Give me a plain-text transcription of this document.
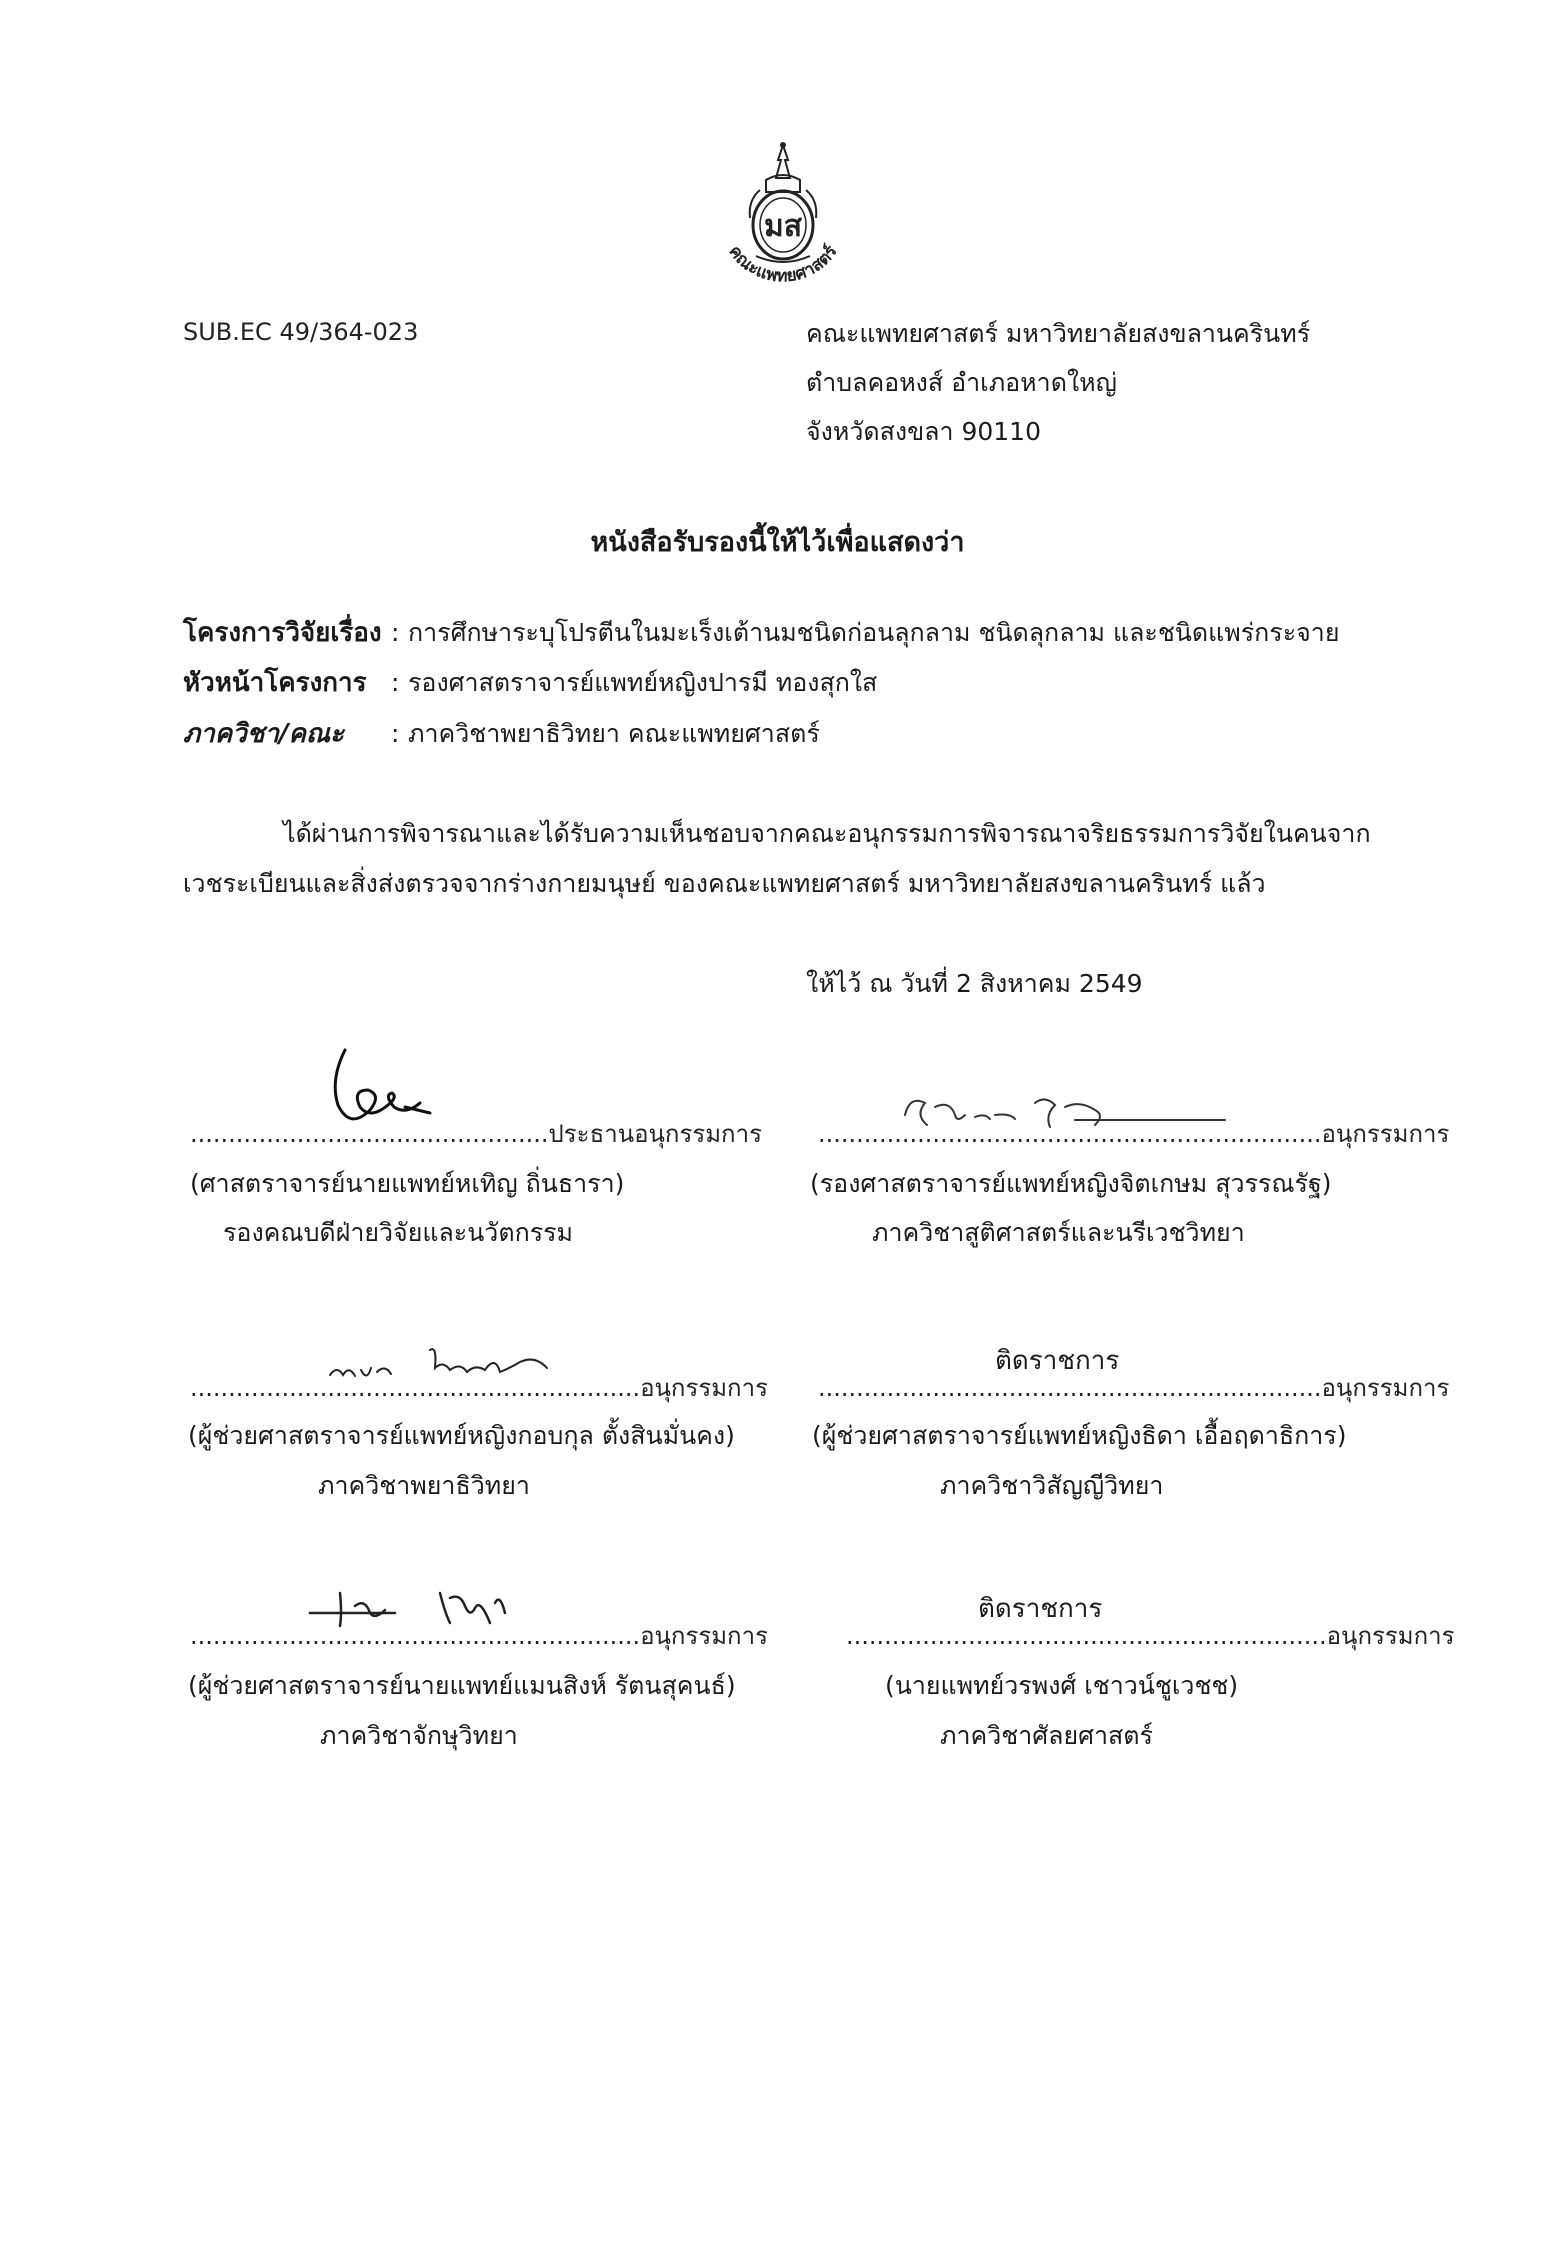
มส
คณะแพทยศาสตร์
SUB.EC 49/364-023	คณะแพทยศาสตร์ มหาวิทยาลัยสงขลานครินทร์
ตำบลคอหงส์ อำเภอหาดใหญ่
จังหวัดสงขลา 90110
หนังสือรับรองนี้ให้ไว้เพื่อแสดงว่า
โครงการวิจัยเรื่อง : การศึกษาระบุโปรตีนในมะเร็งเต้านมชนิดก่อนลุกลาม ชนิดลุกลาม และชนิดแพร่กระจาย
หัวหน้าโครงการ : รองศาสตราจารย์แพทย์หญิงปารมี ทองสุกใส
ภาควิชา/คณะ : ภาควิชาพยาธิวิทยา คณะแพทยศาสตร์
ได้ผ่านการพิจารณาและได้รับความเห็นชอบจากคณะอนุกรรมการพิจารณาจริยธรรมการวิจัยในคนจาก
เวชระเบียนและสิ่งส่งตรวจจากร่างกายมนุษย์ ของคณะแพทยศาสตร์ มหาวิทยาลัยสงขลานครินทร์ แล้ว
ให้ไว้ ณ วันที่ 2 สิงหาคม 2549
...............................................ประธานอนุกรรมการ
(ศาสตราจารย์นายแพทย์หเทิญ ถิ่นธารา)
รองคณบดีฝ่ายวิจัยและนวัตกรรม
..................................................................อนุกรรมการ
(รองศาสตราจารย์แพทย์หญิงจิตเกษม สุวรรณรัฐ)
ภาควิชาสูติศาสตร์และนรีเวชวิทยา
...........................................................อนุกรรมการ
(ผู้ช่วยศาสตราจารย์แพทย์หญิงกอบกุล ตั้งสินมั่นคง)
ภาควิชาพยาธิวิทยา
ติดราชการ
..................................................................อนุกรรมการ
(ผู้ช่วยศาสตราจารย์แพทย์หญิงธิดา เอื้อฤดาธิการ)
ภาควิชาวิสัญญีวิทยา
...........................................................อนุกรรมการ
(ผู้ช่วยศาสตราจารย์นายแพทย์แมนสิงห์ รัตนสุคนธ์)
ภาควิชาจักษุวิทยา
ติดราชการ
...............................................................อนุกรรมการ
(นายแพทย์วรพงศ์ เชาวน์ชูเวชช)
ภาควิชาศัลยศาสตร์
